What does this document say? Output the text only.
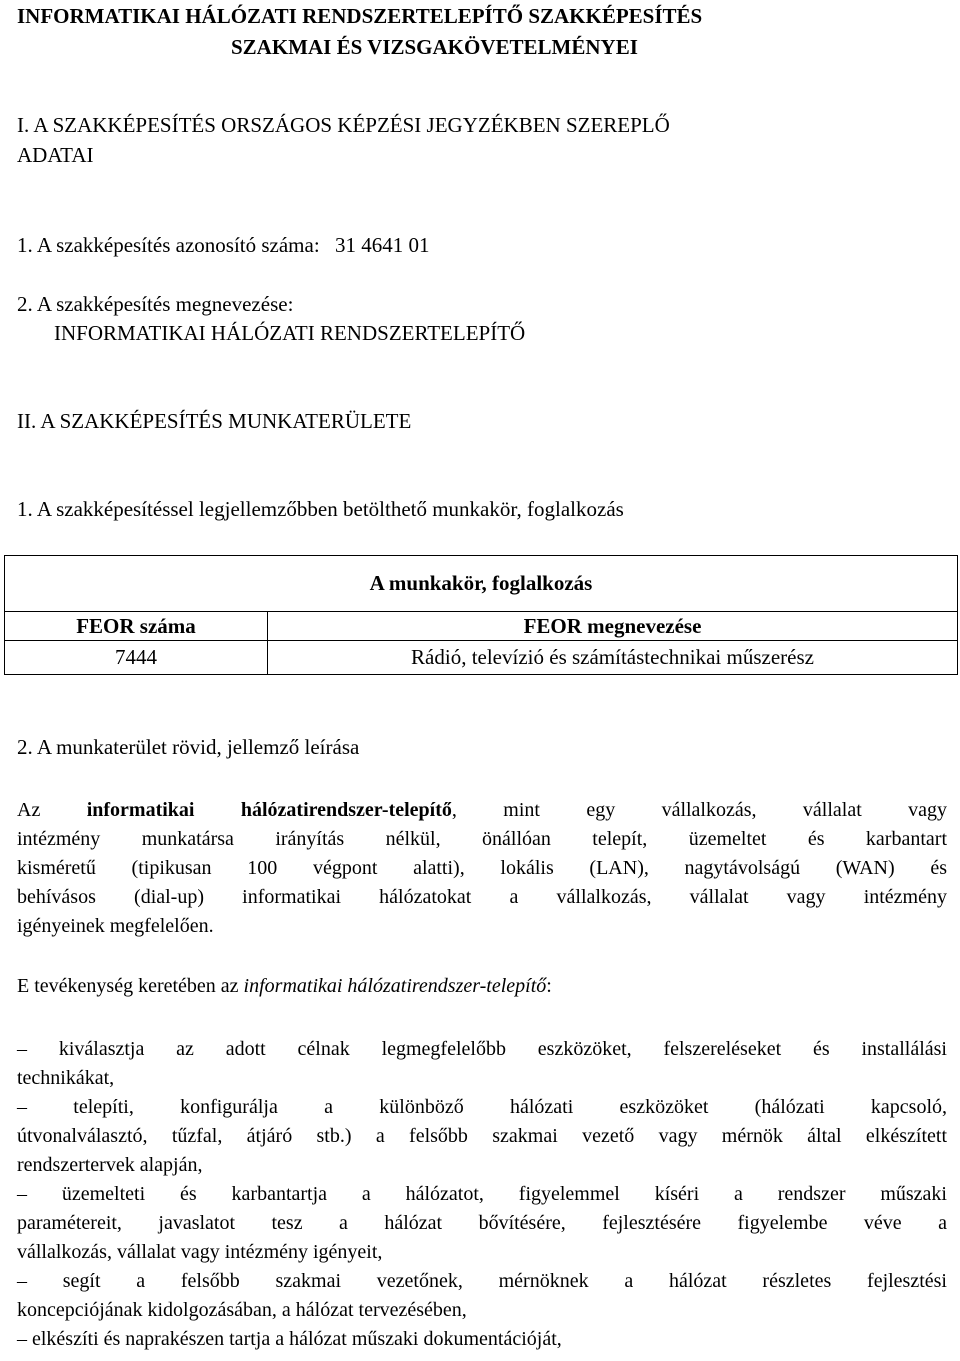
INFORMATIKAI HÁLÓZATI RENDSZERTELEPÍTŐ SZAKKÉPESÍTÉS
SZAKMAI ÉS VIZSGAKÖVETELMÉNYEI
I. A SZAKKÉPESÍTÉS ORSZÁGOS KÉPZÉSI JEGYZÉKBEN SZEREPLŐ
ADATAI
1. A szakképesítés azonosító száma: 31 4641 01
2. A szakképesítés megnevezése:
INFORMATIKAI HÁLÓZATI RENDSZERTELEPÍTŐ
II. A SZAKKÉPESÍTÉS MUNKATERÜLETE
1. A szakképesítéssel legjellemzőbben betölthető munkakör, foglalkozás
A munkakör, foglalkozás	
FEOR száma	FEOR megnevezése
7444	Rádió, televízió és számítástechnikai műszerész
2. A munkaterület rövid, jellemző leírása
Az informatikai hálózatirendszer-telepítő, mint egy vállalkozás, vállalat vagy
intézmény munkatársa irányítás nélkül, önállóan telepít, üzemeltet és karbantart
kisméretű (tipikusan 100 végpont alatti), lokális (LAN), nagytávolságú (WAN) és
behívásos (dial-up) informatikai hálózatokat a vállalkozás, vállalat vagy intézmény
igényeinek megfelelően.
E tevékenység keretében az informatikai hálózatirendszer-telepítő:
– kiválasztja az adott célnak legmegfelelőbb eszközöket, felszereléseket és installálási
technikákat,
– telepíti, konfigurálja a különböző hálózati eszközöket (hálózati kapcsoló,
útvonalválasztó, tűzfal, átjáró stb.) a felsőbb szakmai vezető vagy mérnök által elkészített
rendszertervek alapján,
– üzemelteti és karbantartja a hálózatot, figyelemmel kíséri a rendszer műszaki
paramétereit, javaslatot tesz a hálózat bővítésére, fejlesztésére figyelembe véve a
vállalkozás, vállalat vagy intézmény igényeit,
– segít a felsőbb szakmai vezetőnek, mérnöknek a hálózat részletes fejlesztési
koncepciójának kidolgozásában, a hálózat tervezésében,
– elkészíti és naprakészen tartja a hálózat műszaki dokumentációját,
